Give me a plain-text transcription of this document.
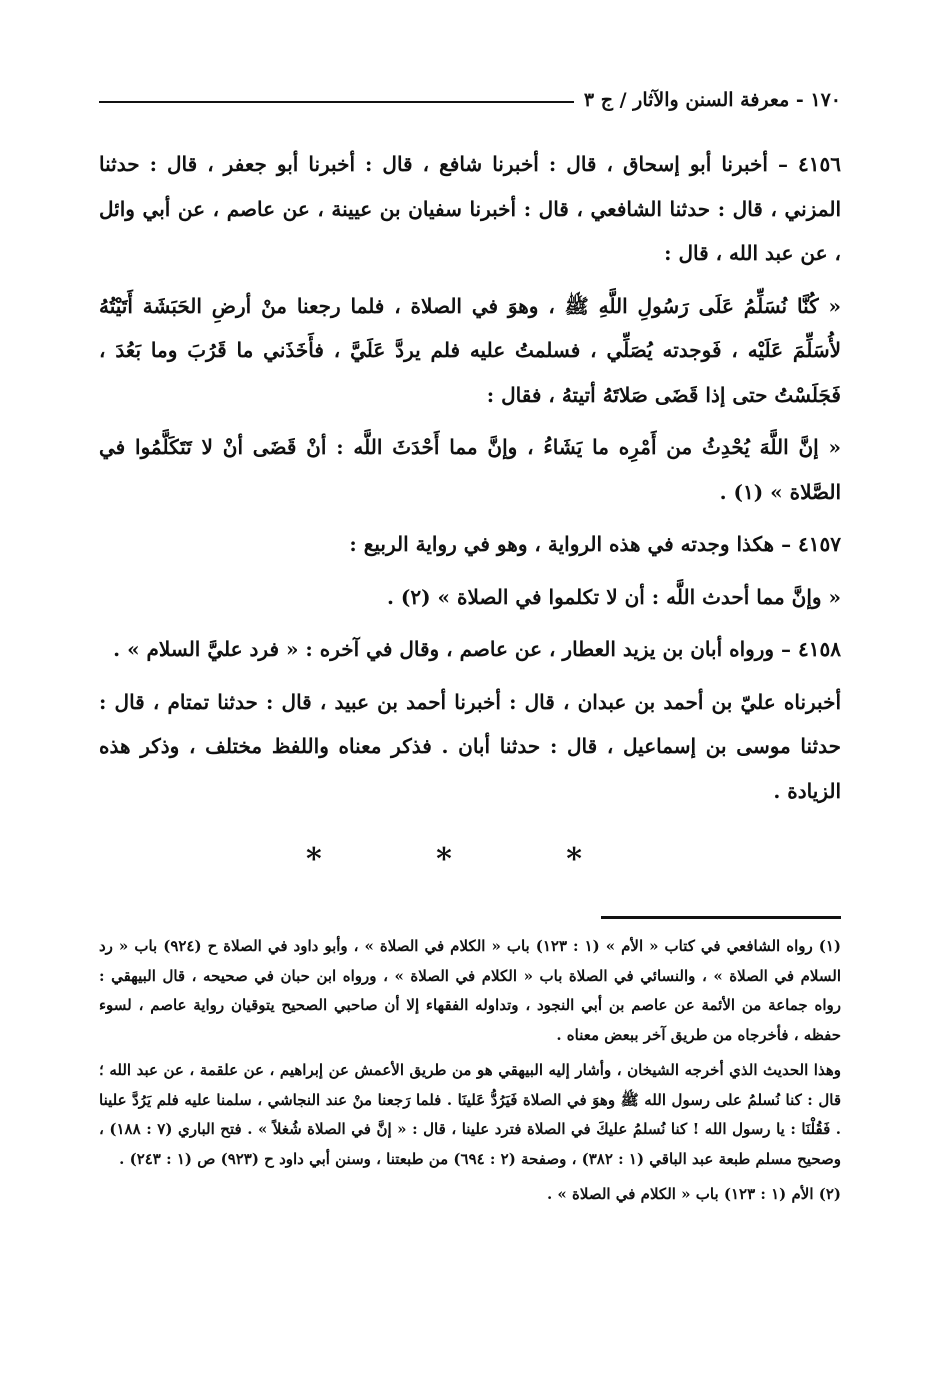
١٧٠ - معرفة السنن والآثار / ج ٣

٤١٥٦ – أخبرنا أبو إسحاق ، قال : أخبرنا شافع ، قال : أخبرنا أبو جعفر ، قال : حدثنا المزني ، قال : حدثنا الشافعي ، قال : أخبرنا سفيان بن عيينة ، عن عاصم ، عن أبي وائل ، عن عبد الله ، قال :

« كُنَّا نُسَلِّمُ عَلَى رَسُولِ اللَّهِ ﷺ ، وهوَ في الصلاة ، فلما رجعنا منْ أرضِ الحَبَشَة أَتَيْتُهُ لأُسَلِّمَ عَلَيْه ، فَوجدته يُصَلِّي ، فسلمتُ عليه فلم يردَّ عَلَيَّ ، فأَخَذَني ما قَرُبَ وما بَعُدَ ، فَجَلَسْتُ حتى إذا قَضَى صَلاتَهُ أتيتهُ ، فقال :

« إنَّ اللَّهَ يُحْدِثُ من أَمْرِه ما يَشَاءُ ، وإنَّ مما أَحْدَثَ اللَّه : أنْ قَضَى أنْ لا تَتَكَلَّمُوا في الصَّلاة » (١) .

٤١٥٧ – هكذا وجدته في هذه الرواية ، وهو في رواية الربيع :

« وإنَّ مما أحدث اللَّه : أن لا تكلموا في الصلاة » (٢) .

٤١٥٨ – ورواه أبان بن يزيد العطار ، عن عاصم ، وقال في آخره : « فرد عليَّ السلام » .

أخبرناه عليّ بن أحمد بن عبدان ، قال : أخبرنا أحمد بن عبيد ، قال : حدثنا تمتام ، قال : حدثنا موسى بن إسماعيل ، قال : حدثنا أبان . فذكر معناه واللفظ مختلف ، وذكر هذه الزيادة .

* * *

(١) رواه الشافعي في كتاب « الأم » (١ : ١٢٣) باب « الكلام في الصلاة » ، وأبو داود في الصلاة ح (٩٢٤) باب « رد السلام في الصلاة » ، والنسائي في الصلاة باب « الكلام في الصلاة » ، ورواه ابن حبان في صحيحه ، قال البيهقي : رواه جماعة من الأئمة عن عاصم بن أبي النجود ، وتداوله الفقهاء إلا أن صاحبي الصحيح يتوقيان رواية عاصم ، لسوء حفظه ، فأخرجاه من طريق آخر ببعض معناه .

وهذا الحديث الذي أخرجه الشيخان ، وأشار إليه البيهقي هو من طريق الأعمش عن إبراهيم ، عن علقمة ، عن عبد الله ؛ قال : كنا نُسلمُ على رسول الله ﷺ وهوَ في الصلاة فَيَرُدُّ عَلينَا . فلما رَجعنا منْ عند النجاشي ، سلمنا عليه فلم يَرُدَّ علينا . فَقُلْنَا : يا رسول الله ! كنا نُسلمُ عليكَ في الصلاة فترد علينا ، قال : « إنَّ في الصلاة شُغلاً » . فتح الباري (٧ : ١٨٨) ، وصحيح مسلم طبعة عبد الباقي (١ : ٣٨٢) ، وصفحة (٢ : ٦٩٤) من طبعتنا ، وسنن أبي داود ح (٩٢٣) ص (١ : ٢٤٣) .

(٢) الأم (١ : ١٢٣) باب « الكلام في الصلاة » .
